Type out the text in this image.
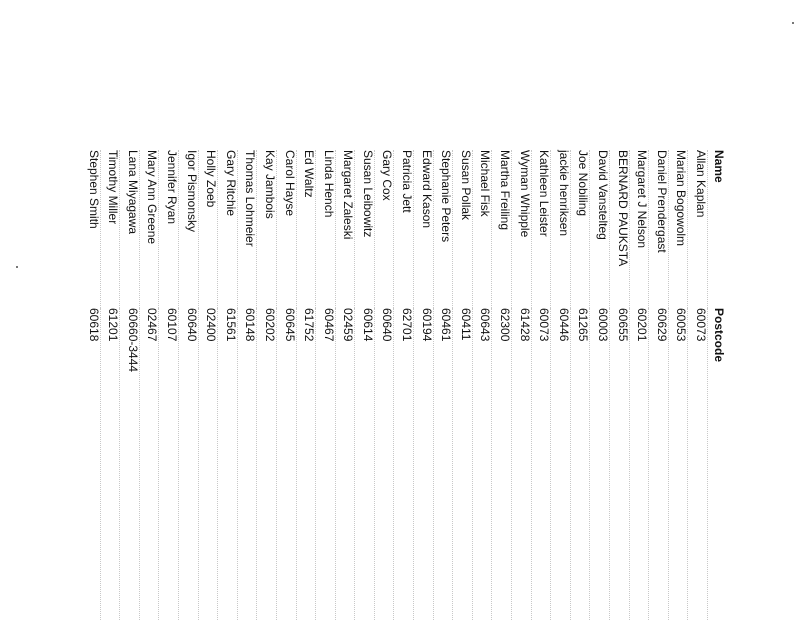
Name	Postcode
Allan Kaplan	60073
Marian Bogowolm	60053
Daniel Prendergast	60629
Margaret J Nelson	60201
BERNARD PAUKSTA	60655
David Vanstelteg	60003
Joe Nobiling	61265
jackie henriksen	60446
Kathleen Leister	60073
Wyman Whipple	61428
Martha Freiling	62300
Michael Fisk	60643
Susan Pollak	60411
Stephanie Peters	60461
Edward Kason	60194
Patricia Jett	62701
Gary Cox	60640
Susan Leibowitz	60614
Margaret Zaleski	02459
Linda Hench	60467
Ed Waltz	61752
Carol Hayse	60645
Kay Jambois	60202
Thomas Lohmeier	60148
Gary Ritchie	61561
Holly Zoeb	02400
Igor Pismonsky	60640
Jennifer Ryan	60107
Mary Ann Greene	02467
Lana Miyagawa	60660-3444
Timothy Miller	61201
Stephen Smith	60618
